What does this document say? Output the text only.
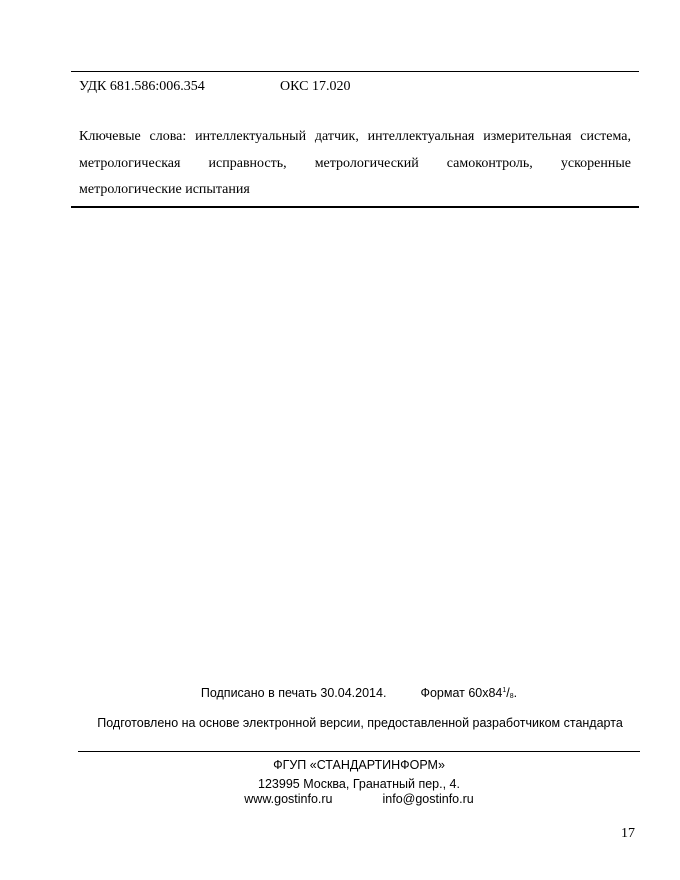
УДК 681.586:006.354	ОКС 17.020
Ключевые слова: интеллектуальный датчик, интеллектуальная измерительная система, метрологическая исправность, метрологический самоконтроль, ускоренные метрологические испытания
Подписано в печать 30.04.2014.	Формат $60x84^1/_8$.
Подготовлено на основе электронной версии, предоставленной разработчиком стандарта
ФГУП «СТАНДАРТИНФОРМ»
123995 Москва, Гранатный пер., 4.
www.gostinfo.ru	info@gostinfo.ru
17
